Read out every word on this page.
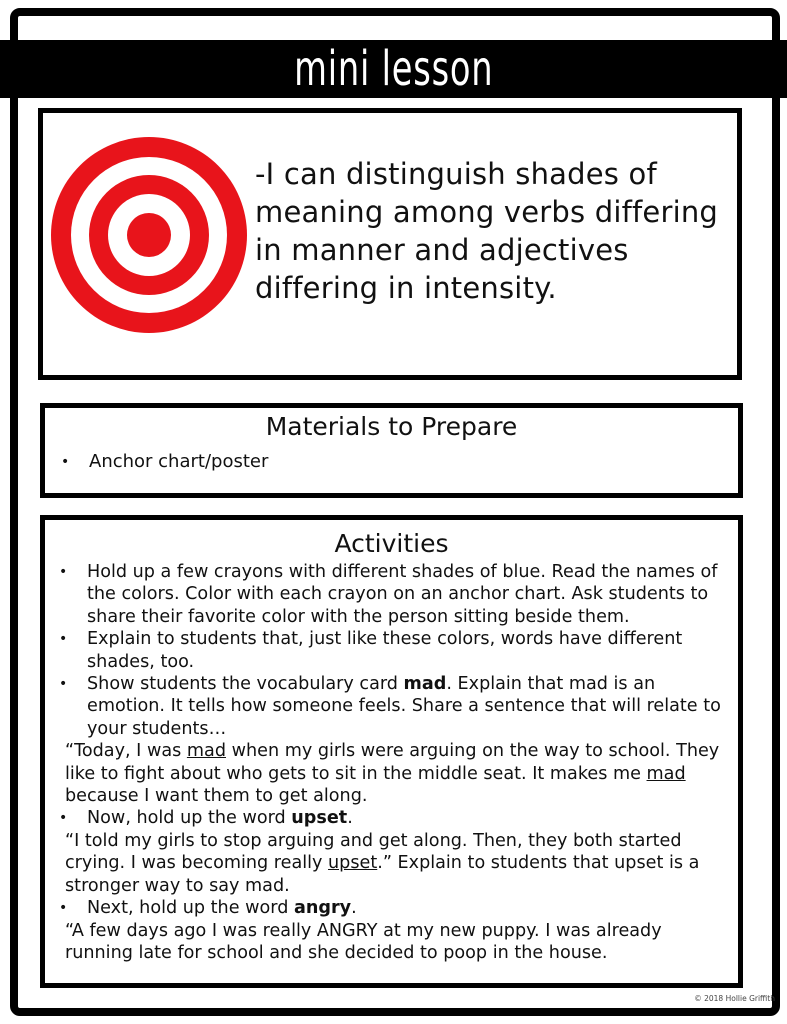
mini lesson
-I can distinguish shades of meaning among verbs differing in manner and adjectives differing in intensity.
Materials to Prepare
• Anchor chart/poster
Activities
• Hold up a few crayons with different shades of blue. Read the names of the colors. Color with each crayon on an anchor chart. Ask students to share their favorite color with the person sitting beside them.
• Explain to students that, just like these colors, words have different shades, too.
• Show students the vocabulary card mad. Explain that mad is an emotion. It tells how someone feels. Share a sentence that will relate to your students…
“Today, I was mad when my girls were arguing on the way to school. They like to fight about who gets to sit in the middle seat. It makes me mad because I want them to get along.
• Now, hold up the word upset.
“I told my girls to stop arguing and get along. Then, they both started crying. I was becoming really upset.” Explain to students that upset is a stronger way to say mad.
• Next, hold up the word angry.
“A few days ago I was really ANGRY at my new puppy. I was already running late for school and she decided to poop in the house.
© 2018 Hollie Griffith
